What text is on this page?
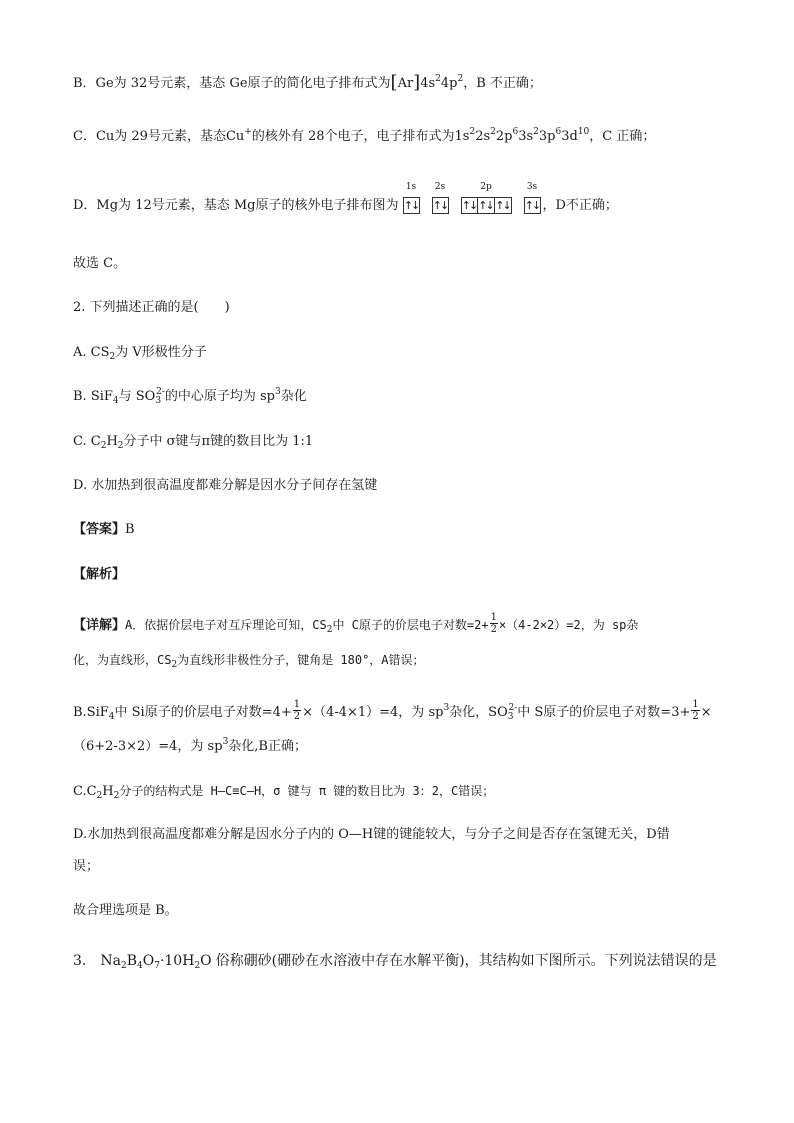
B．Ge为 32号元素，基态 Ge原子的简化电子排布式为$[Ar]4s^24p^2$，B 不正确；
C．Cu为 29号元素，基态Cu+的核外有 28个电子，电子排布式为$1s^22s^22p^63s^23p^63d^{10}$，C 正确；
D．Mg为 12号元素，基态 Mg原子的核外电子排布图为
1s
↑↓
2s
↑↓
2p
↑↓ ↑↓ ↑↓
3s
↑↓ ，D不正确；
故选 C。
2. 下列描述正确的是(　　)
A. $CS_2$为 V形极性分子
B. SiF$_4$与 $SO_3^{2-}$的中心原子均为 $sp^3$杂化
C. $C_2H_2$分子中 σ键与π键的数目比为 1:1
D. 水加热到很高温度都难分解是因水分子间存在氢键
【答案】B
【解析】
【详解】A．依据价层电子对互斥理论可知，$CS_2$中 C原子的价层电子对数$=2+ \frac{1}{2} \times(4-2\times 2)=2$，为 sp杂
化，为直线形，$CS_2$为直线形非极性分子，键角是 180°，A错误；
B.SiF$_4$中 Si原子的价层电子对数$=4+ \frac{1}{2} \times(4-4\times 1)=4$，为 $sp^3$杂化，$SO_3^{2-}$中 S原子的价层电子对数$=3+ \frac{1}{2}$ ×
（6+2-3×2）=4，为 $sp^3$杂化,B正确；
$C.C_2H_2$分子的结构式是 H—C≡C—H，σ 键与 π 键的数目比为 3：2，C错误；
D.水加热到很高温度都难分解是因水分子内的 O—H键的键能较大，与分子之间是否存在氢键无关，D错
误；
故合理选项是 B。
3. $Na_2B_4O_7\cdot 10H_2O$ 俗称硼砂(硼砂在水溶液中存在水解平衡)，其结构如下图所示。下列说法错误的是
